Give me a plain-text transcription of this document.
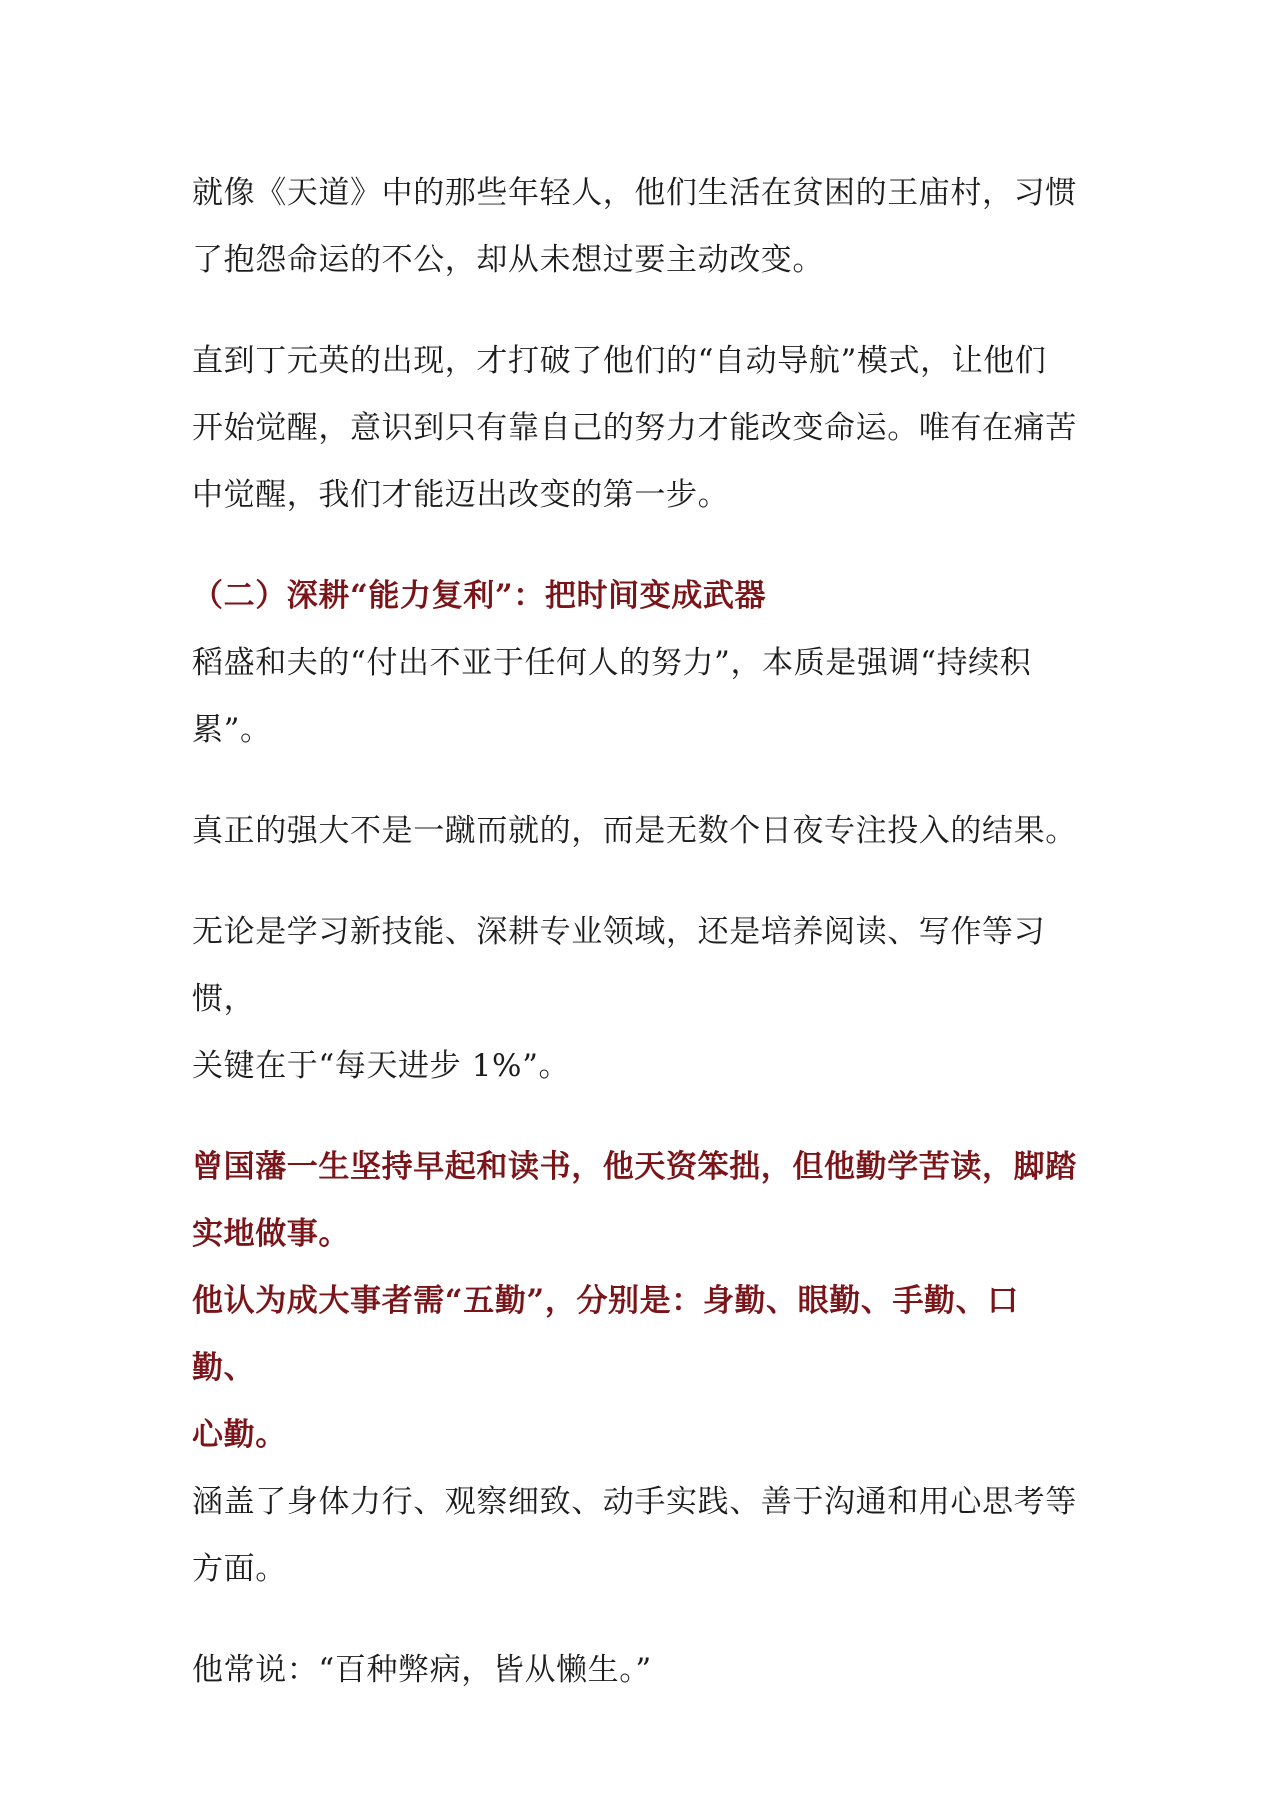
就像《天道》中的那些年轻人，他们生活在贫困的王庙村，习惯
了抱怨命运的不公，却从未想过要主动改变。

直到丁元英的出现，才打破了他们的“自动导航”模式，让他们
开始觉醒，意识到只有靠自己的努力才能改变命运。唯有在痛苦
中觉醒，我们才能迈出改变的第一步。

（二）深耕“能力复利”：把时间变成武器

稻盛和夫的“付出不亚于任何人的努力”，本质是强调“持续积
累”。

真正的强大不是一蹴而就的，而是无数个日夜专注投入的结果。

无论是学习新技能、深耕专业领域，还是培养阅读、写作等习惯，
关键在于“每天进步 1%”。

曾国藩一生坚持早起和读书，他天资笨拙，但他勤学苦读，脚踏
实地做事。

他认为成大事者需“五勤”，分别是：身勤、眼勤、手勤、口勤、
心勤。

涵盖了身体力行、观察细致、动手实践、善于沟通和用心思考等
方面。

他常说：“百种弊病，皆从懒生。”
